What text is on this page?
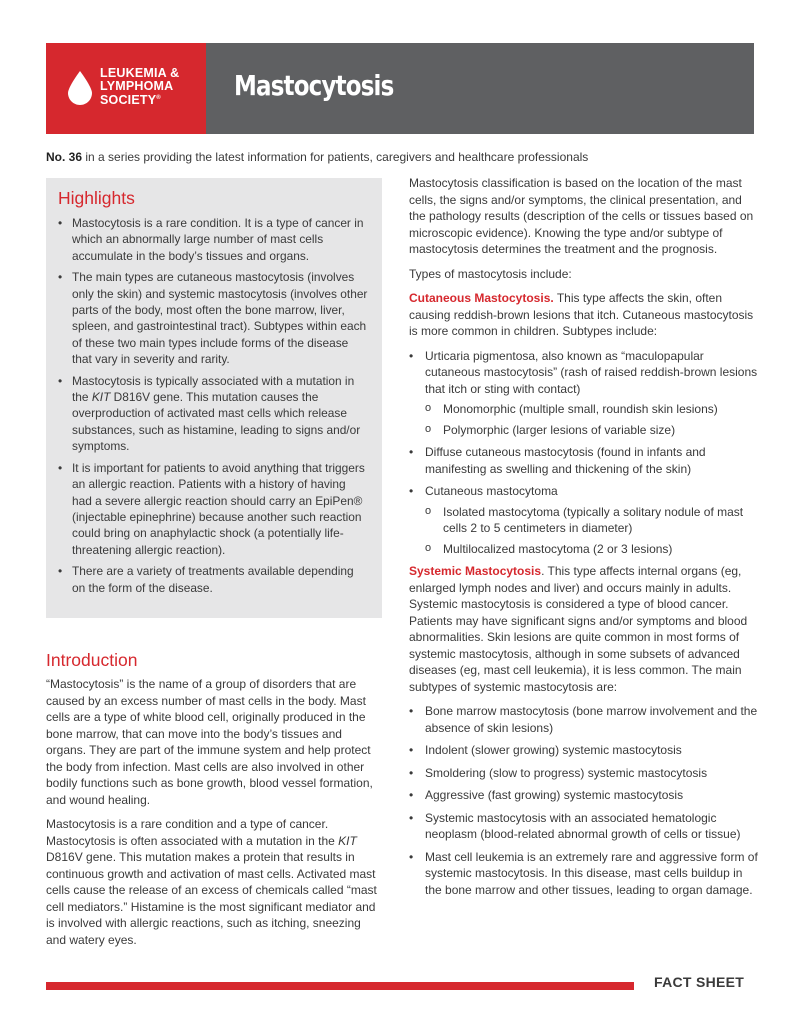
LEUKEMIA &
LYMPHOMA
SOCIETY®	Mastocytosis
No. 36 in a series providing the latest information for patients, caregivers and healthcare professionals
Highlights
• Mastocytosis is a rare condition. It is a type of cancer in which an abnormally large number of mast cells accumulate in the body’s tissues and organs.
• The main types are cutaneous mastocytosis (involves only the skin) and systemic mastocytosis (involves other parts of the body, most often the bone marrow, liver, spleen, and gastrointestinal tract). Subtypes within each of these two main types include forms of the disease that vary in severity and rarity.
• Mastocytosis is typically associated with a mutation in the KIT D816V gene. This mutation causes the overproduction of activated mast cells which release substances, such as histamine, leading to signs and/or symptoms.
• It is important for patients to avoid anything that triggers an allergic reaction. Patients with a history of having had a severe allergic reaction should carry an EpiPen® (injectable epinephrine) because another such reaction could bring on anaphylactic shock (a potentially life-threatening allergic reaction).
• There are a variety of treatments available depending on the form of the disease.
Introduction

“Mastocytosis” is the name of a group of disorders that are caused by an excess number of mast cells in the body. Mast cells are a type of white blood cell, originally produced in the bone marrow, that can move into the body’s tissues and organs. They are part of the immune system and help protect the body from infection. Mast cells are also involved in other bodily functions such as bone growth, blood vessel formation, and wound healing.

Mastocytosis is a rare condition and a type of cancer. Mastocytosis is often associated with a mutation in the KIT D816V gene. This mutation makes a protein that results in continuous growth and activation of mast cells. Activated mast cells cause the release of an excess of chemicals called “mast cell mediators.” Histamine is the most significant mediator and is involved with allergic reactions, such as itching, sneezing and watery eyes.

Mastocytosis classification is based on the location of the mast cells, the signs and/or symptoms, the clinical presentation, and the pathology results (description of the cells or tissues based on microscopic evidence). Knowing the type and/or subtype of mastocytosis determines the treatment and the prognosis.

Types of mastocytosis include:

Cutaneous Mastocytosis. This type affects the skin, often causing reddish-brown lesions that itch. Cutaneous mastocytosis is more common in children. Subtypes include:

• Urticaria pigmentosa, also known as “maculopapular cutaneous mastocytosis” (rash of raised reddish-brown lesions that itch or sting with contact)
o Monomorphic (multiple small, roundish skin lesions)
o Polymorphic (larger lesions of variable size)
• Diffuse cutaneous mastocytosis (found in infants and manifesting as swelling and thickening of the skin)
• Cutaneous mastocytoma
o Isolated mastocytoma (typically a solitary nodule of mast cells 2 to 5 centimeters in diameter)
o Multilocalized mastocytoma (2 or 3 lesions)

Systemic Mastocytosis. This type affects internal organs (eg, enlarged lymph nodes and liver) and occurs mainly in adults. Systemic mastocytosis is considered a type of blood cancer. Patients may have significant signs and/or symptoms and blood abnormalities. Skin lesions are quite common in most forms of systemic mastocytosis, although in some subsets of advanced diseases (eg, mast cell leukemia), it is less common. The main subtypes of systemic mastocytosis are:

• Bone marrow mastocytosis (bone marrow involvement and the absence of skin lesions)
• Indolent (slower growing) systemic mastocytosis
• Smoldering (slow to progress) systemic mastocytosis
• Aggressive (fast growing) systemic mastocytosis
• Systemic mastocytosis with an associated hematologic neoplasm (blood-related abnormal growth of cells or tissue)
• Mast cell leukemia is an extremely rare and aggressive form of systemic mastocytosis. In this disease, mast cells buildup in the bone marrow and other tissues, leading to organ damage.
FACT SHEET
